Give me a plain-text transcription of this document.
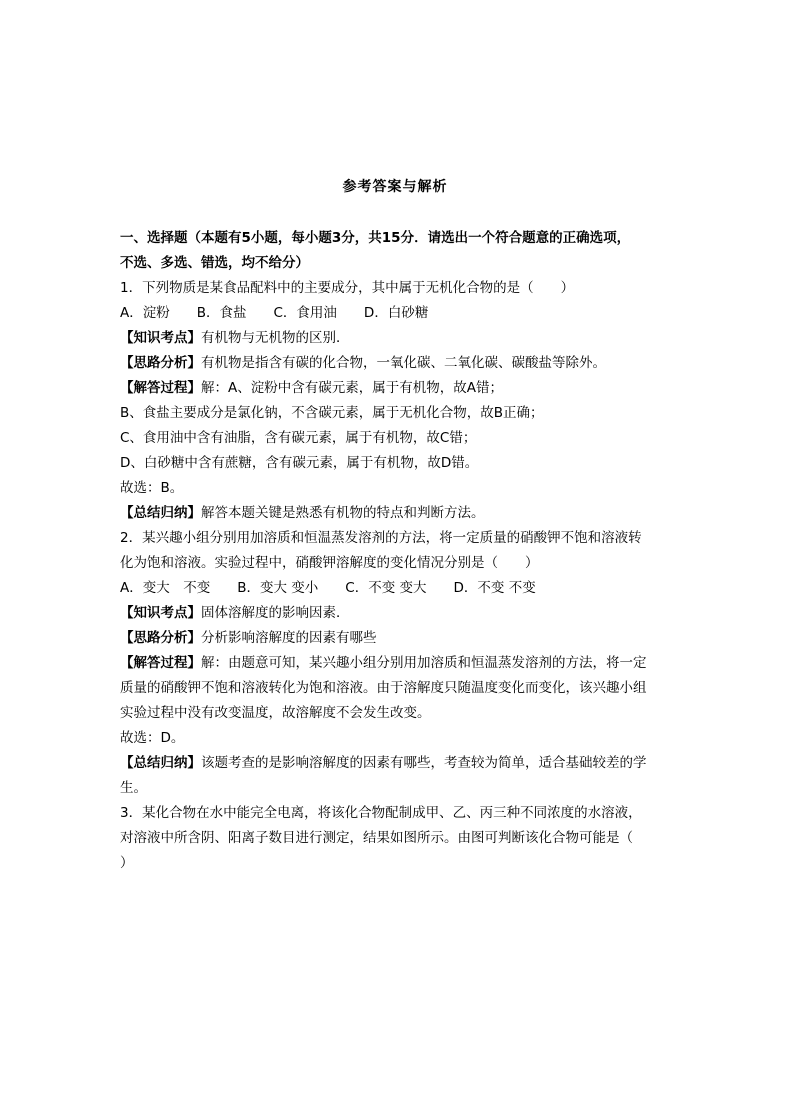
参考答案与解析
一、选择题（本题有5小题，每小题3分，共15分．请选出一个符合题意的正确选项，
不选、多选、错选，均不给分）
1．下列物质是某食品配料中的主要成分，其中属于无机化合物的是（　　）
A．淀粉　　B．食盐　　C．食用油　　D．白砂糖
【知识考点】有机物与无机物的区别．
【思路分析】有机物是指含有碳的化合物，一氧化碳、二氧化碳、碳酸盐等除外。
【解答过程】解：A、淀粉中含有碳元素，属于有机物，故A错；
B、食盐主要成分是氯化钠，不含碳元素，属于无机化合物，故B正确；
C、食用油中含有油脂，含有碳元素，属于有机物，故C错；
D、白砂糖中含有蔗糖，含有碳元素，属于有机物，故D错。
故选：B。
【总结归纳】解答本题关键是熟悉有机物的特点和判断方法。
2．某兴趣小组分别用加溶质和恒温蒸发溶剂的方法，将一定质量的硝酸钾不饱和溶液转
化为饱和溶液。实验过程中，硝酸钾溶解度的变化情况分别是（　　）
A．变大　不变　　B．变大 变小　　C．不变 变大　　D．不变 不变
【知识考点】固体溶解度的影响因素．
【思路分析】分析影响溶解度的因素有哪些
【解答过程】解：由题意可知，某兴趣小组分别用加溶质和恒温蒸发溶剂的方法，将一定
质量的硝酸钾不饱和溶液转化为饱和溶液。由于溶解度只随温度变化而变化，该兴趣小组
实验过程中没有改变温度，故溶解度不会发生改变。
故选：D。
【总结归纳】该题考查的是影响溶解度的因素有哪些，考查较为简单，适合基础较差的学
生。
3．某化合物在水中能完全电离，将该化合物配制成甲、乙、丙三种不同浓度的水溶液，
对溶液中所含阴、阳离子数目进行测定，结果如图所示。由图可判断该化合物可能是（
）
